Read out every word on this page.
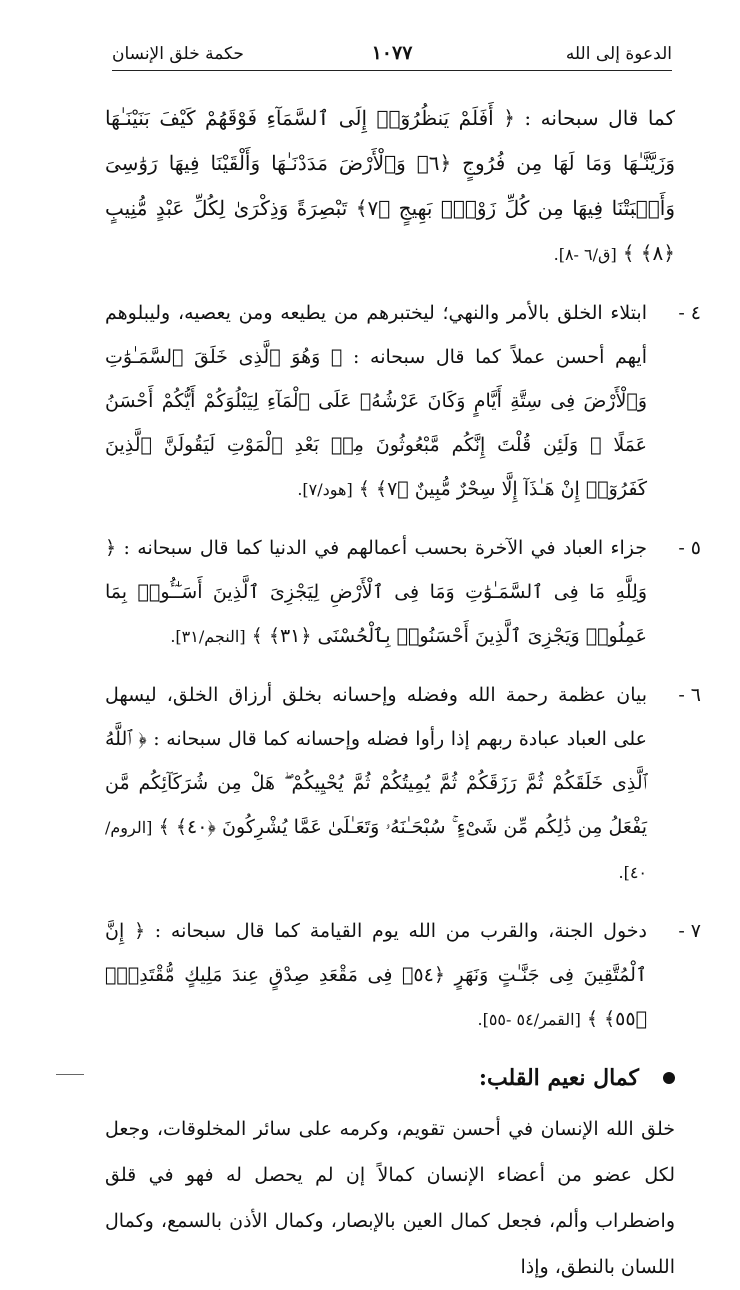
الدعوة إلى الله
١٠٧٧
حكمة خلق الإنسان
كما قال سبحانه : ﴿ أَفَلَمْ يَنظُرُوٓا۟ إِلَى ٱلسَّمَآءِ فَوْقَهُمْ كَيْفَ بَنَيْنَـٰهَا وَزَيَّنَّـٰهَا وَمَا لَهَا مِن فُرُوجٍ ﴿٦﴾ وَٱلْأَرْضَ مَدَدْنَـٰهَا وَأَلْقَيْنَا فِيهَا رَوَٰسِىَ وَأَنۢبَتْنَا فِيهَا مِن كُلِّ زَوْجٍۭ بَهِيجٍ ﴿٧﴾ تَبْصِرَةً وَذِكْرَىٰ لِكُلِّ عَبْدٍ مُّنِيبٍ ﴿٨﴾ ﴾ [ق/٦ -٨].
٤ -
ابتلاء الخلق بالأمر والنهي؛ ليختبرهم من يطيعه ومن يعصيه، وليبلوهم أيهم أحسن عملاً كما قال سبحانه : ﴿ وَهُوَ ٱلَّذِى خَلَقَ ٱلسَّمَـٰوَٰتِ وَٱلْأَرْضَ فِى سِتَّةِ أَيَّامٍ وَكَانَ عَرْشُهُۥ عَلَى ٱلْمَآءِ لِيَبْلُوَكُمْ أَيُّكُمْ أَحْسَنُ عَمَلًا ۗ وَلَئِن قُلْتَ إِنَّكُم مَّبْعُوثُونَ مِنۢ بَعْدِ ٱلْمَوْتِ لَيَقُولَنَّ ٱلَّذِينَ كَفَرُوٓا۟ إِنْ هَـٰذَآ إِلَّا سِحْرٌ مُّبِينٌ ﴿٧﴾ ﴾ [هود/٧].
٥ -
جزاء العباد في الآخرة بحسب أعمالهم في الدنيا كما قال سبحانه : ﴿ وَلِلَّهِ مَا فِى ٱلسَّمَـٰوَٰتِ وَمَا فِى ٱلْأَرْضِ لِيَجْزِىَ ٱلَّذِينَ أَسَـٰٓـُٔوا۟ بِمَا عَمِلُوا۟ وَيَجْزِىَ ٱلَّذِينَ أَحْسَنُوا۟ بِٱلْحُسْنَى ﴿٣١﴾ ﴾ [النجم/٣١].
٦ -
بيان عظمة رحمة الله وفضله وإحسانه بخلق أرزاق الخلق، ليسهل على العباد عبادة ربهم إذا رأوا فضله وإحسانه كما قال سبحانه : ﴿ ٱللَّهُ ٱلَّذِى خَلَقَكُمْ ثُمَّ رَزَقَكُمْ ثُمَّ يُمِيتُكُمْ ثُمَّ يُحْيِيكُمْ ۖ هَلْ مِن شُرَكَآئِكُم مَّن يَفْعَلُ مِن ذَٰلِكُم مِّن شَىْءٍ ۚ سُبْحَـٰنَهُۥ وَتَعَـٰلَىٰ عَمَّا يُشْرِكُونَ ﴿٤٠﴾ ﴾ [الروم/٤٠].
٧ -
دخول الجنة، والقرب من الله يوم القيامة كما قال سبحانه : ﴿ إِنَّ ٱلْمُتَّقِينَ فِى جَنَّـٰتٍ وَنَهَرٍ ﴿٥٤﴾ فِى مَقْعَدِ صِدْقٍ عِندَ مَلِيكٍ مُّقْتَدِرٍۭ ﴿٥٥﴾ ﴾ [القمر/٥٤ -٥٥].
كمال نعيم القلب:
خلق الله الإنسان في أحسن تقويم، وكرمه على سائر المخلوقات، وجعل لكل عضو من أعضاء الإنسان كمالاً إن لم يحصل له فهو في قلق واضطراب وألم، فجعل كمال العين بالإبصار، وكمال الأذن بالسمع، وكمال اللسان بالنطق، وإذا
